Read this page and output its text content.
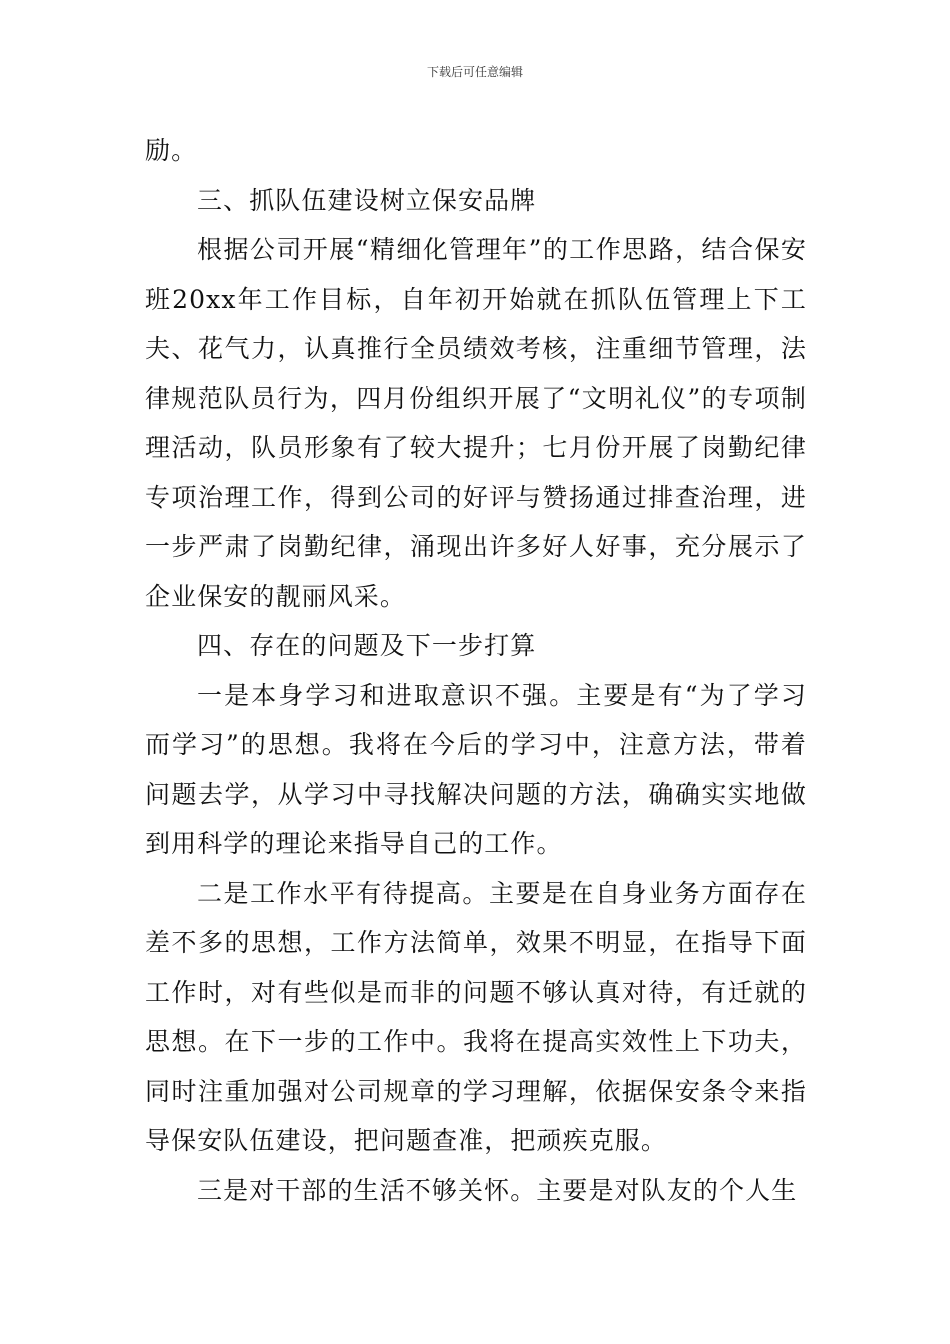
下载后可任意编辑

励。

三、抓队伍建设树立保安品牌

根据公司开展“精细化管理年”的工作思路，结合保安班20xx年工作目标，自年初开始就在抓队伍管理上下工夫、花气力，认真推行全员绩效考核，注重细节管理，法律规范队员行为，四月份组织开展了“文明礼仪”的专项制理活动，队员形象有了较大提升；七月份开展了岗勤纪律专项治理工作，得到公司的好评与赞扬通过排查治理，进一步严肃了岗勤纪律，涌现出许多好人好事，充分展示了企业保安的靓丽风采。

四、存在的问题及下一步打算

一是本身学习和进取意识不强。主要是有“为了学习而学习”的思想。我将在今后的学习中，注意方法，带着问题去学，从学习中寻找解决问题的方法，确确实实地做到用科学的理论来指导自己的工作。

二是工作水平有待提高。主要是在自身业务方面存在差不多的思想，工作方法简单，效果不明显，在指导下面工作时，对有些似是而非的问题不够认真对待，有迁就的思想。在下一步的工作中。我将在提高实效性上下功夫，同时注重加强对公司规章的学习理解，依据保安条令来指导保安队伍建设，把问题查准，把顽疾克服。

三是对干部的生活不够关怀。主要是对队友的个人生
